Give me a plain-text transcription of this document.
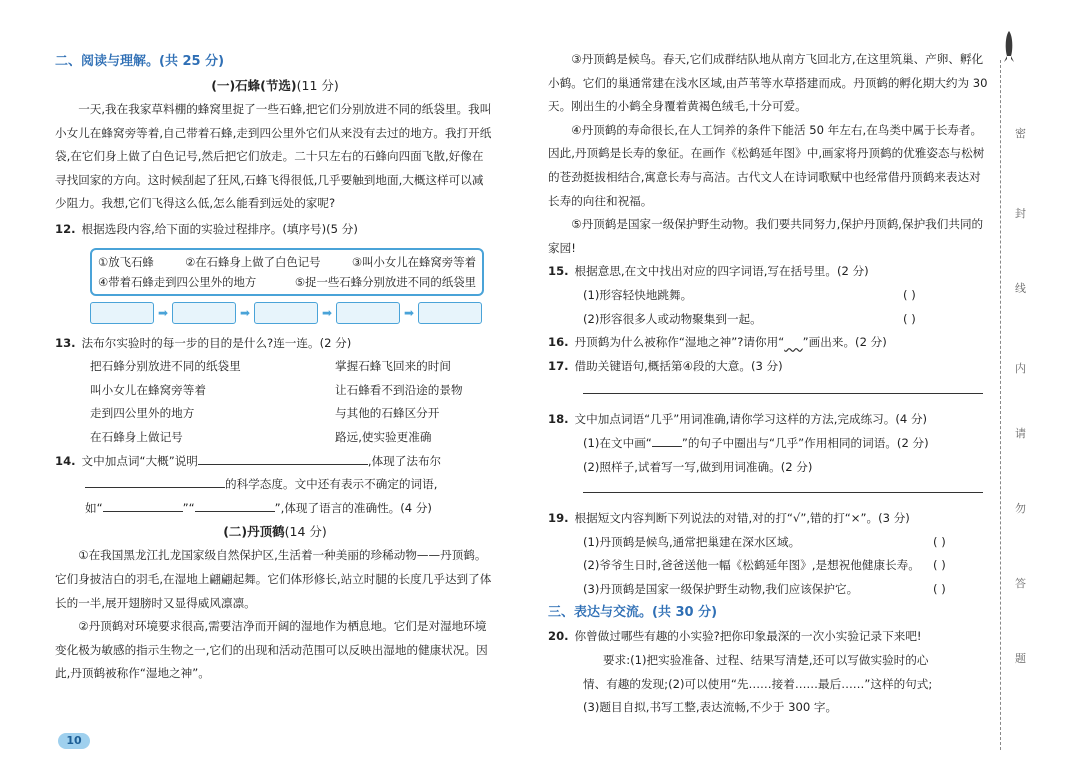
二、阅读与理解。(共 25 分)
(一)石蜂(节选)(11 分)

一天,我在我家草料棚的蜂窝里捉了一些石蜂,把它们分别放进不同的纸袋里。我叫小女儿在蜂窝旁等着,自己带着石蜂,走到四公里外它们从来没有去过的地方。我打开纸袋,在它们身上做了白色记号,然后把它们放走。二十只左右的石蜂向四面飞散,好像在寻找回家的方向。这时候刮起了狂风,石蜂飞得很低,几乎要触到地面,大概这样可以减少阻力。我想,它们飞得这么低,怎么能看到远处的家呢?

12. 根据选段内容,给下面的实验过程排序。(填序号)(5 分)

①放飞石蜂	②在石蜂身上做了白色记号	③叫小女儿在蜂窝旁等着
④带着石蜂走到四公里外的地方	⑤捉一些石蜂分别放进不同的纸袋里
➡	➡	➡	➡

13. 法布尔实验时的每一步的目的是什么?连一连。(2 分)

把石蜂分别放进不同的纸袋里	掌握石蜂飞回来的时间
叫小女儿在蜂窝旁等着	让石蜂看不到沿途的景物
走到四公里外的地方	与其他的石蜂区分开
在石蜂身上做记号	路远,使实验更准确

14. 文中加点词“大概”说明	,体现了法布尔
的科学态度。文中还有表示不确定的词语,
如“	”“	”,体现了语言的准确性。(4 分)

(二)丹顶鹤(14 分)

①在我国黑龙江扎龙国家级自然保护区,生活着一种美丽的珍稀动物——丹顶鹤。它们身披洁白的羽毛,在湿地上翩翩起舞。它们体形修长,站立时腿的长度几乎达到了体长的一半,展开翅膀时又显得威风凛凛。

②丹顶鹤对环境要求很高,需要洁净而开阔的湿地作为栖息地。它们是对湿地环境变化极为敏感的指示生物之一,它们的出现和活动范围可以反映出湿地的健康状况。因此,丹顶鹤被称作“湿地之神”。

10

③丹顶鹤是候鸟。春天,它们成群结队地从南方飞回北方,在这里筑巢、产卵、孵化小鹤。它们的巢通常建在浅水区域,由芦苇等水草搭建而成。丹顶鹤的孵化期大约为 30 天。刚出生的小鹤全身覆着黄褐色绒毛,十分可爱。

④丹顶鹤的寿命很长,在人工饲养的条件下能活 50 年左右,在鸟类中属于长寿者。因此,丹顶鹤是长寿的象征。在画作《松鹤延年图》中,画家将丹顶鹤的优雅姿态与松树的苍劲挺拔相结合,寓意长寿与高洁。古代文人在诗词歌赋中也经常借丹顶鹤来表达对长寿的向往和祝福。

⑤丹顶鹤是国家一级保护野生动物。我们要共同努力,保护丹顶鹤,保护我们共同的家园!

15. 根据意思,在文中找出对应的四字词语,写在括号里。(2 分)

(1)形容轻快地跳舞。	( )

(2)形容很多人或动物聚集到一起。	( )

16. 丹顶鹤为什么被称作“湿地之神”?请你用“ ”画出来。(2 分)

17. 借助关键语句,概括第④段的大意。(3 分)

18. 文中加点词语“几乎”用词准确,请你学习这样的方法,完成练习。(4 分)

(1)在文中画“	”的句子中圈出与“几乎”作用相同的词语。(2 分)

(2)照样子,试着写一写,做到用词准确。(2 分)

19. 根据短文内容判断下列说法的对错,对的打“√”,错的打“×”。(3 分)

(1)丹顶鹤是候鸟,通常把巢建在深水区域。	( )

(2)爷爷生日时,爸爸送他一幅《松鹤延年图》,是想祝他健康长寿。 ( )

(3)丹顶鹤是国家一级保护野生动物,我们应该保护它。	( )

三、表达与交流。(共 30 分)

20. 你曾做过哪些有趣的小实验?把你印象最深的一次小实验记录下来吧!

要求:(1)把实验准备、过程、结果写清楚,还可以写做实验时的心

情、有趣的发现;(2)可以使用“先……接着……最后……”这样的句式;

(3)题目自拟,书写工整,表达流畅,不少于 300 字。

密
封
线
内
请
勿
答
题
